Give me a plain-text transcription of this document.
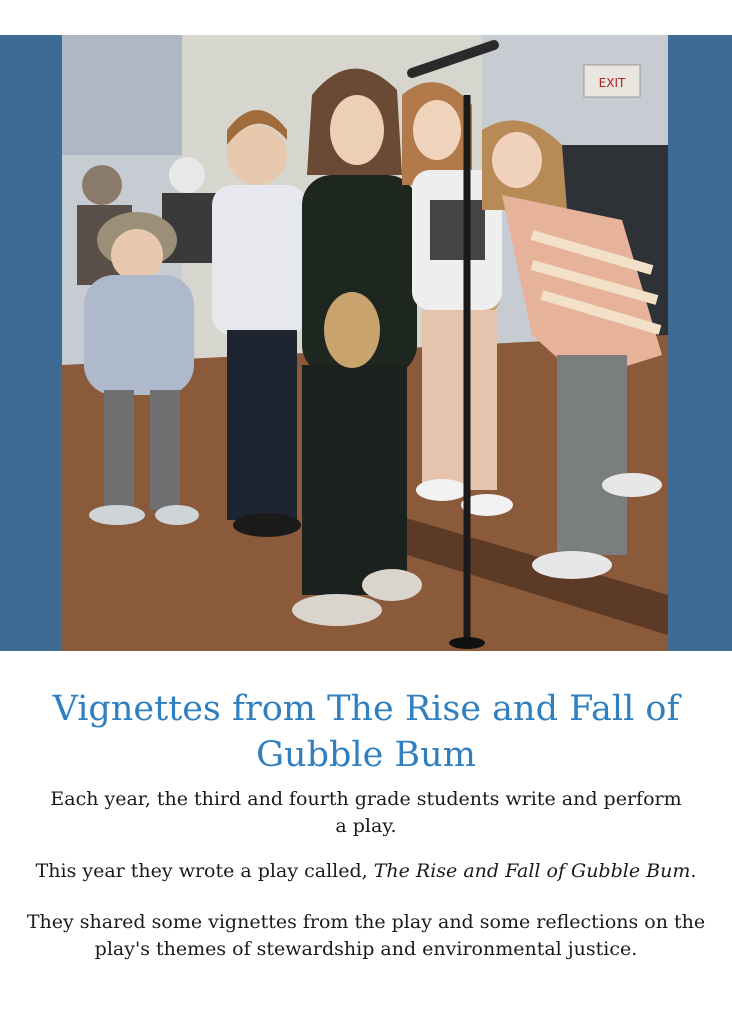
EXIT
Vignettes from The Rise and Fall of Gubble Bum

Each year, the third and fourth grade students write and perform a play.

This year they wrote a play called, The Rise and Fall of Gubble Bum.

They shared some vignettes from the play and some reflections on the play's themes of stewardship and environmental justice.
